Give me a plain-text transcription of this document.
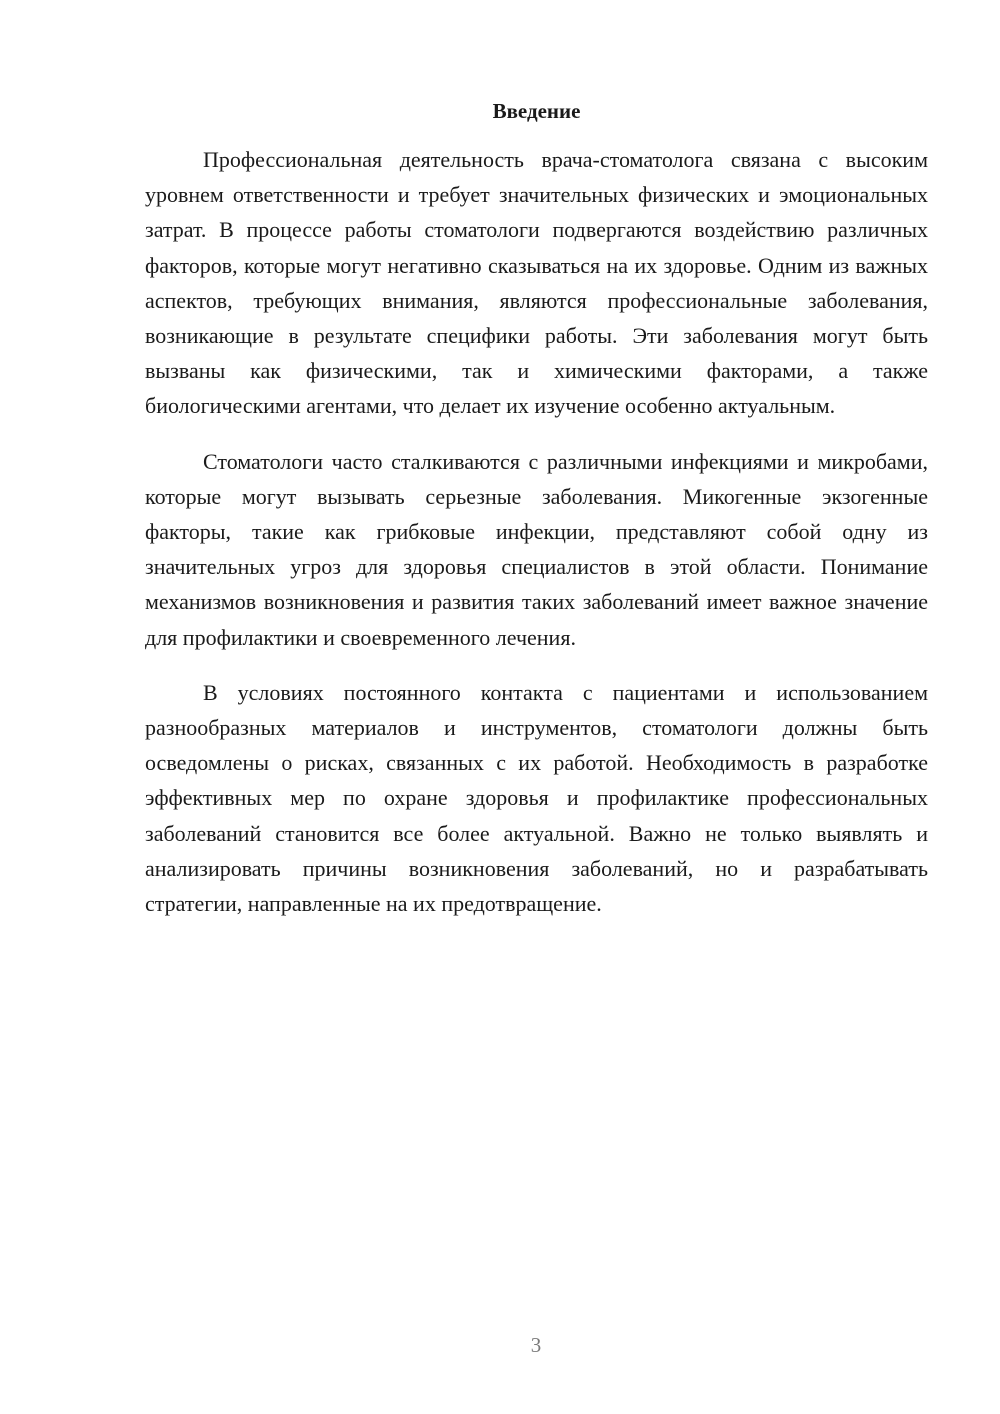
Введение

Профессиональная деятельность врача-стоматолога связана с высоким уровнем ответственности и требует значительных физических и эмоциональных затрат. В процессе работы стоматологи подвергаются воздействию различных факторов, которые могут негативно сказываться на их здоровье. Одним из важных аспектов, требующих внимания, являются профессиональные заболевания, возникающие в результате специфики работы. Эти заболевания могут быть вызваны как физическими, так и химическими факторами, а также биологическими агентами, что делает их изучение особенно актуальным.

Стоматологи часто сталкиваются с различными инфекциями и микробами, которые могут вызывать серьезные заболевания. Микогенные экзогенные факторы, такие как грибковые инфекции, представляют собой одну из значительных угроз для здоровья специалистов в этой области. Понимание механизмов возникновения и развития таких заболеваний имеет важное значение для профилактики и своевременного лечения.

В условиях постоянного контакта с пациентами и использованием разнообразных материалов и инструментов, стоматологи должны быть осведомлены о рисках, связанных с их работой. Необходимость в разработке эффективных мер по охране здоровья и профилактике профессиональных заболеваний становится все более актуальной. Важно не только выявлять и анализировать причины возникновения заболеваний, но и разрабатывать стратегии, направленные на их предотвращение.

3
